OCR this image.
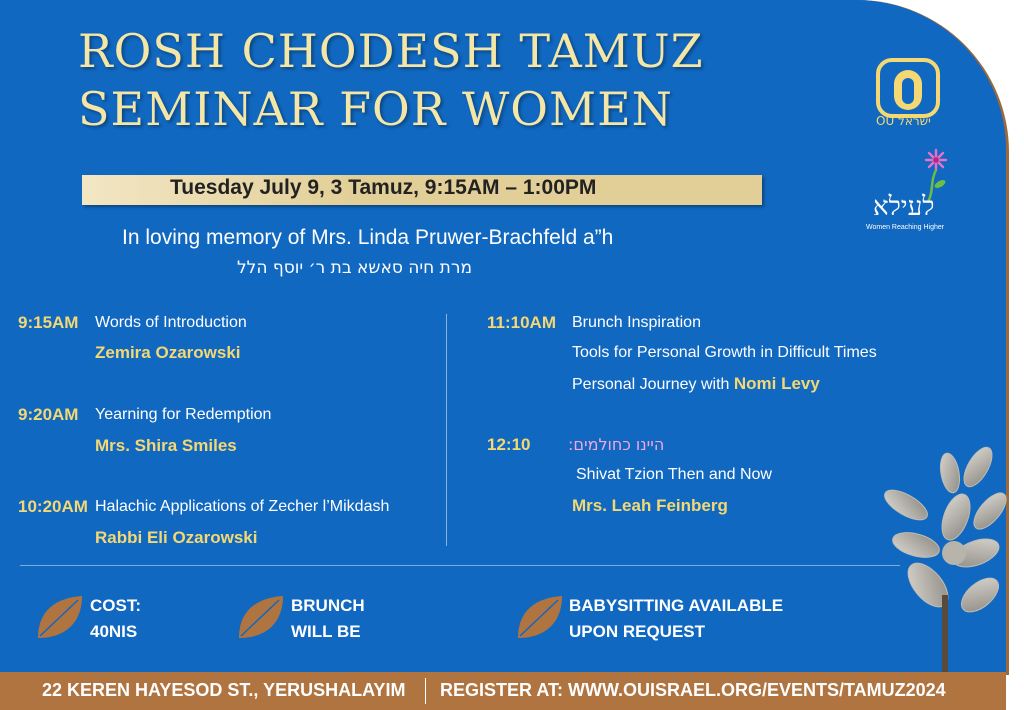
ROSH CHODESH TAMUZ
SEMINAR FOR WOMEN
Tuesday July 9, 3 Tamuz, 9:15AM – 1:00PM
In loving memory of Mrs. Linda Pruwer-Brachfeld a”h
מרת חיה סאשא בת ר׳ יוסף הלל
9:15AM Words of Introduction
Zemira Ozarowski
9:20AM Yearning for Redemption
Mrs. Shira Smiles
10:20AM Halachic Applications of Zecher l’Mikdash
Rabbi Eli Ozarowski
11:10AM Brunch Inspiration
Tools for Personal Growth in Difficult Times
Personal Journey with Nomi Levy
12:10 היינו כחולמים:
Shivat Tzion Then and Now
Mrs. Leah Feinberg
COST:
40NIS
BRUNCH
WILL BE
BABYSITTING AVAILABLE
UPON REQUEST
OU ישראל
לעילא
Women Reaching Higher
22 KEREN HAYESOD ST., YERUSHALAYIM REGISTER AT: WWW.OUISRAEL.ORG/EVENTS/TAMUZ2024
